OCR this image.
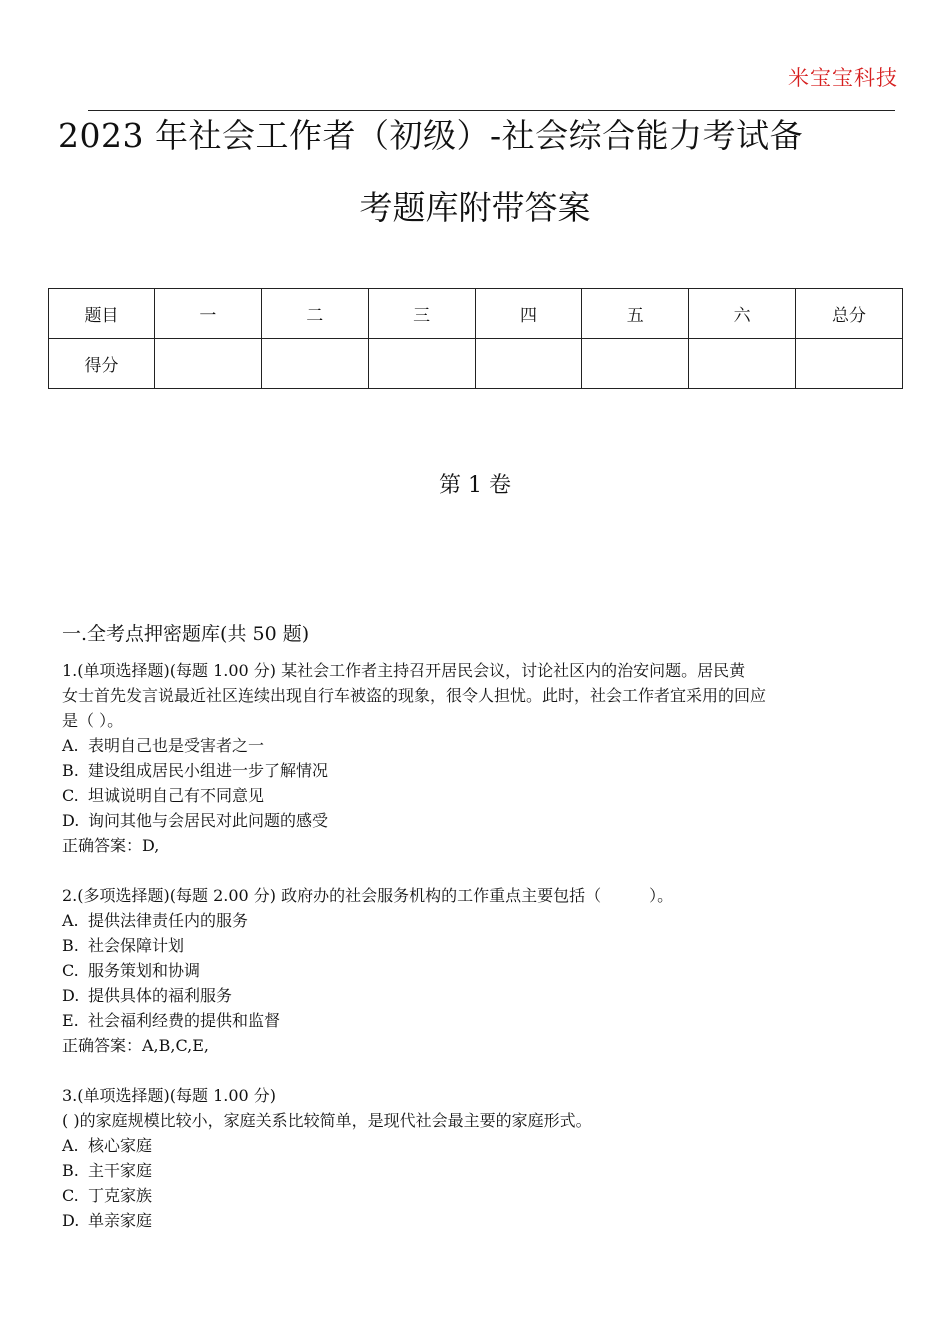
米宝宝科技
2023 年社会工作者（初级）-社会综合能力考试备
考题库附带答案
题目	一	二	三	四	五	六	总分
得分							
第 1 卷
一.全考点押密题库(共 50 题)
1.(单项选择题)(每题 1.00 分) 某社会工作者主持召开居民会议，讨论社区内的治安问题。居民黄
女士首先发言说最近社区连续出现自行车被盗的现象，很令人担忧。此时，社会工作者宜采用的回应
是（ ）。
A. 表明自己也是受害者之一
B. 建设组成居民小组进一步了解情况
C. 坦诚说明自己有不同意见
D. 询问其他与会居民对此问题的感受
正确答案：D,
2.(多项选择题)(每题 2.00 分) 政府办的社会服务机构的工作重点主要包括（　　　）。
A. 提供法律责任内的服务
B. 社会保障计划
C. 服务策划和协调
D. 提供具体的福利服务
E. 社会福利经费的提供和监督
正确答案：A,B,C,E,
3.(单项选择题)(每题 1.00 分)
( )的家庭规模比较小，家庭关系比较简单，是现代社会最主要的家庭形式。
A. 核心家庭
B. 主干家庭
C. 丁克家族
D. 单亲家庭
